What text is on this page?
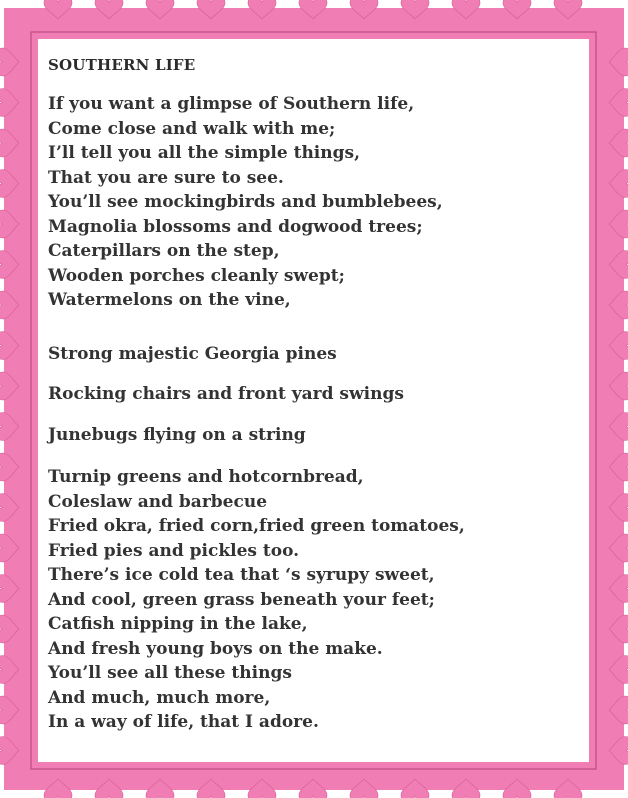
SOUTHERN LIFE
If you want a glimpse of Southern life,
Come close and walk with me;
I’ll tell you all the simple things,
That you are sure to see.
You’ll see mockingbirds and bumblebees,
Magnolia blossoms and dogwood trees;
Caterpillars on the step,
Wooden porches cleanly swept;
Watermelons on the vine,
Strong majestic Georgia pines
Rocking chairs and front yard swings
Junebugs flying on a string
Turnip greens and hotcornbread,
Coleslaw and barbecue
Fried okra, fried corn,fried green tomatoes,
Fried pies and pickles too.
There’s ice cold tea that ‘s syrupy sweet,
And cool, green grass beneath your feet;
Catfish nipping in the lake,
And fresh young boys on the make.
You’ll see all these things
And much, much more,
In a way of life, that I adore.
